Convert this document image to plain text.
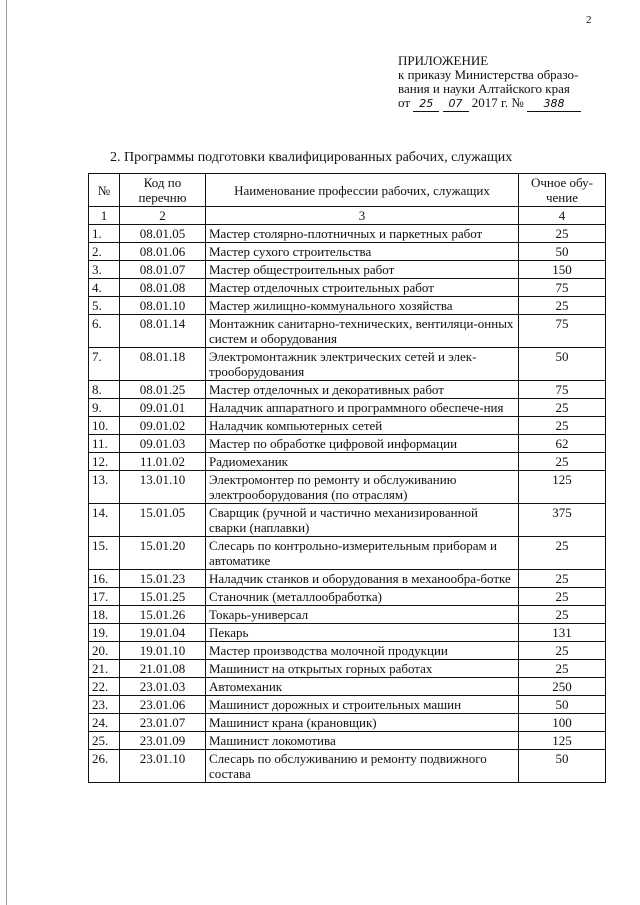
2
ПРИЛОЖЕНИЕ
к приказу Министерства образо-
вания и науки Алтайского края
от 25 07 2017 г. № 388
2. Программы подготовки квалифицированных рабочих, служащих
№	Код по перечню	Наименование профессии рабочих, служащих	Очное обу-чение
1	2	3	4
1.	08.01.05	Мастер столярно-плотничных и паркетных работ	25
2.	08.01.06	Мастер сухого строительства	50
3.	08.01.07	Мастер общестроительных работ	150
4.	08.01.08	Мастер отделочных строительных работ	75
5.	08.01.10	Мастер жилищно-коммунального хозяйства	25
6.	08.01.14	Монтажник санитарно-технических, вентиляци-онных систем и оборудования	75
7.	08.01.18	Электромонтажник электрических сетей и элек-трооборудования	50
8.	08.01.25	Мастер отделочных и декоративных работ	75
9.	09.01.01	Наладчик аппаратного и программного обеспече-ния	25
10.	09.01.02	Наладчик компьютерных сетей	25
11.	09.01.03	Мастер по обработке цифровой информации	62
12.	11.01.02	Радиомеханик	25
13.	13.01.10	Электромонтер по ремонту и обслуживанию электрооборудования (по отраслям)	125
14.	15.01.05	Сварщик (ручной и частично механизированной сварки (наплавки)	375
15.	15.01.20	Слесарь по контрольно-измерительным приборам и автоматике	25
16.	15.01.23	Наладчик станков и оборудования в механообра-ботке	25
17.	15.01.25	Станочник (металлообработка)	25
18.	15.01.26	Токарь-универсал	25
19.	19.01.04	Пекарь	131
20.	19.01.10	Мастер производства молочной продукции	25
21.	21.01.08	Машинист на открытых горных работах	25
22.	23.01.03	Автомеханик	250
23.	23.01.06	Машинист дорожных и строительных машин	50
24.	23.01.07	Машинист крана (крановщик)	100
25.	23.01.09	Машинист локомотива	125
26.	23.01.10	Слесарь по обслуживанию и ремонту подвижного состава	50
